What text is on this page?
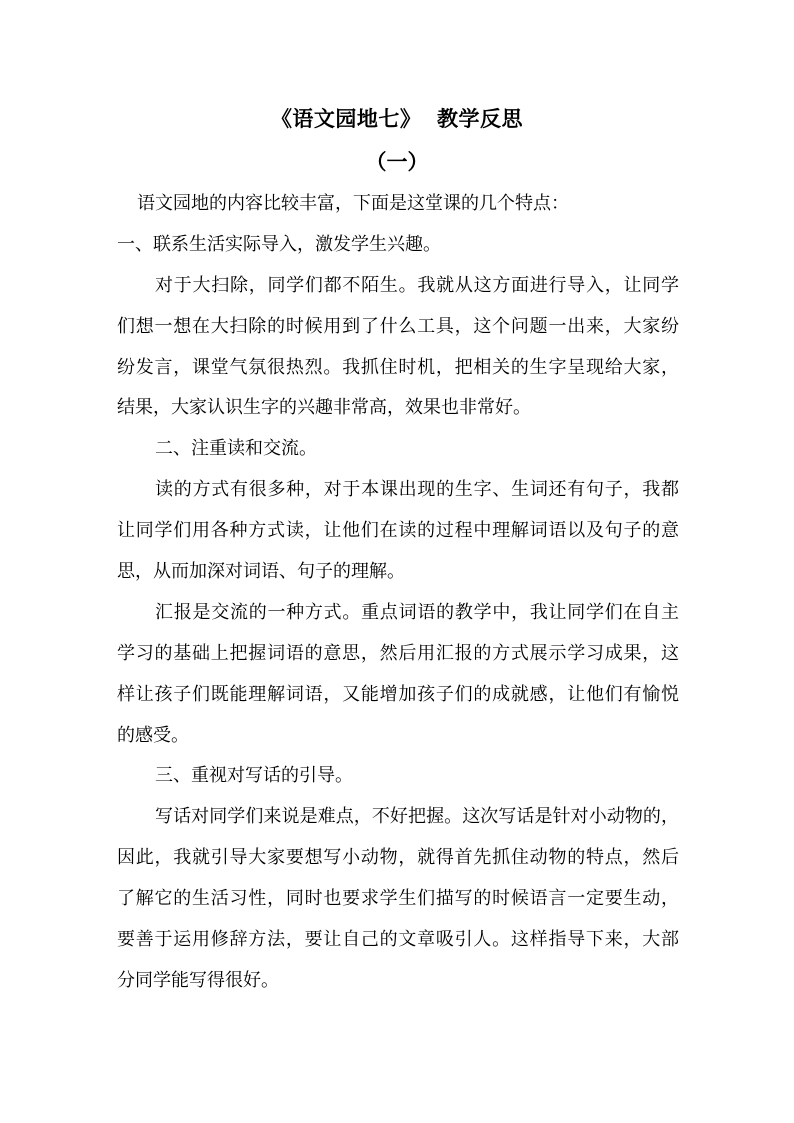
《语文园地七》  教学反思
（一）
语文园地的内容比较丰富，下面是这堂课的几个特点：
一、联系生活实际导入，激发学生兴趣。
对于大扫除，同学们都不陌生。我就从这方面进行导入，让同学
们想一想在大扫除的时候用到了什么工具，这个问题一出来，大家纷
纷发言，课堂气氛很热烈。我抓住时机，把相关的生字呈现给大家，
结果，大家认识生字的兴趣非常高，效果也非常好。
二、注重读和交流。
读的方式有很多种，对于本课出现的生字、生词还有句子，我都
让同学们用各种方式读，让他们在读的过程中理解词语以及句子的意
思，从而加深对词语、句子的理解。
汇报是交流的一种方式。重点词语的教学中，我让同学们在自主
学习的基础上把握词语的意思，然后用汇报的方式展示学习成果，这
样让孩子们既能理解词语，又能增加孩子们的成就感，让他们有愉悦
的感受。
三、重视对写话的引导。
写话对同学们来说是难点，不好把握。这次写话是针对小动物的，
因此，我就引导大家要想写小动物，就得首先抓住动物的特点，然后
了解它的生活习性，同时也要求学生们描写的时候语言一定要生动，
要善于运用修辞方法，要让自己的文章吸引人。这样指导下来，大部
分同学能写得很好。
